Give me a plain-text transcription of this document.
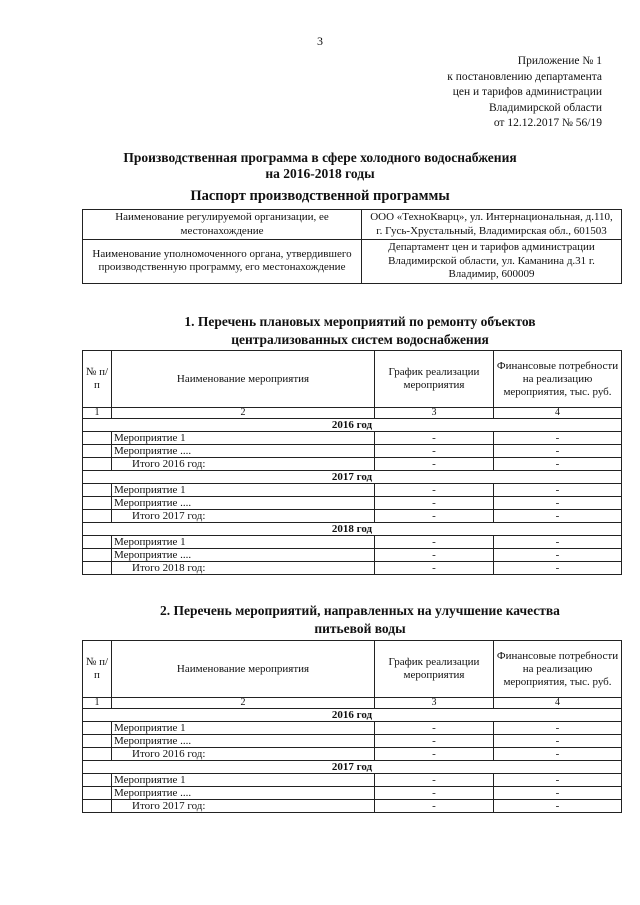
3
Приложение № 1
к постановлению департамента
цен и тарифов администрации
Владимирской области
от 12.12.2017 № 56/19
Производственная программа в сфере холодного водоснабжения
на 2016-2018 годы
Паспорт производственной программы
Наименование регулируемой организации, ее местонахождение	ООО «ТехноКварц», ул. Интернациональная, д.110, г. Гусь-Хрустальный, Владимирская обл., 601503
Наименование уполномоченного органа, утвердившего производственную программу, его местонахождение	Департамент цен и тарифов администрации Владимирской области, ул. Каманина д.31 г. Владимир, 600009
1. Перечень плановых мероприятий по ремонту объектов
централизованных систем водоснабжения
№ п/п	Наименование мероприятия	График реализации мероприятия	Финансовые потребности на реализацию мероприятия, тыс. руб.
1	2	3	4
2016 год			
	Мероприятие 1	-	-
	Мероприятие ....	-	-
	Итого 2016 год:	-	-
2017 год			
	Мероприятие 1	-	-
	Мероприятие ....	-	-
	Итого 2017 год:	-	-
2018 год			
	Мероприятие 1	-	-
	Мероприятие ....	-	-
	Итого 2018 год:	-	-
2. Перечень мероприятий, направленных на улучшение качества
питьевой воды
№ п/п	Наименование мероприятия	График реализации мероприятия	Финансовые потребности на реализацию мероприятия, тыс. руб.
1	2	3	4
2016 год			
	Мероприятие 1	-	-
	Мероприятие ....	-	-
	Итого 2016 год:	-	-
2017 год			
	Мероприятие 1	-	-
	Мероприятие ....	-	-
	Итого 2017 год:	-	-
